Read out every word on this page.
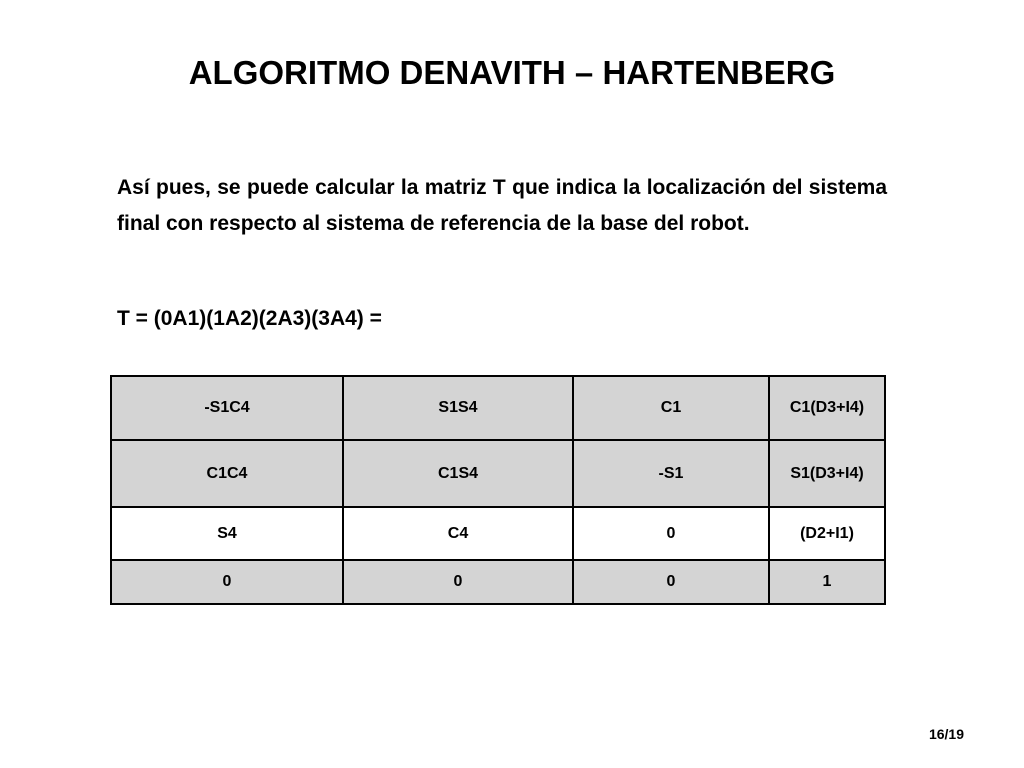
ALGORITMO DENAVITH – HARTENBERG
Así pues, se puede calcular la matriz T que indica la localización del sistema final con respecto al sistema de referencia de la base del robot.
T = (0A1)(1A2)(2A3)(3A4) =
-S1C4	S1S4	C1	C1(D3+I4)
C1C4	C1S4	-S1	S1(D3+I4)
S4	C4	0	(D2+I1)
0	0	0	1
16/19
